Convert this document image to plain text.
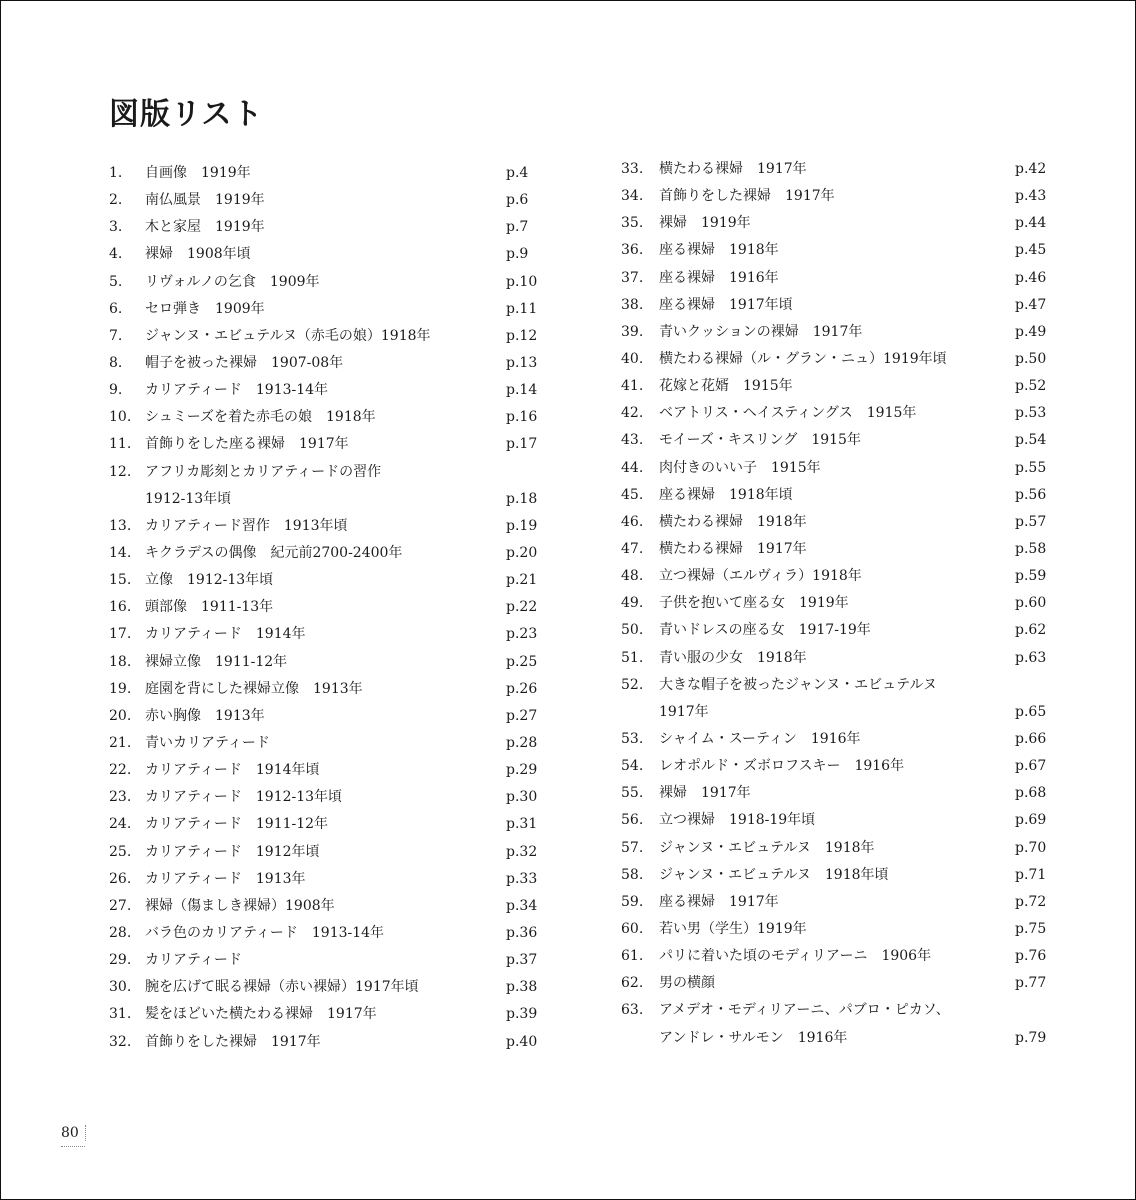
図版リスト
1. 自画像　1919年	p.4
2. 南仏風景　1919年	p.6
3. 木と家屋　1919年	p.7
4. 裸婦　1908年頃	p.9
5. リヴォルノの乞食　1909年	p.10
6. セロ弾き　1909年	p.11
7. ジャンヌ・エビュテルヌ（赤毛の娘）1918年	p.12
8. 帽子を被った裸婦　1907-08年	p.13
9. カリアティード　1913-14年	p.14
10. シュミーズを着た赤毛の娘　1918年	p.16
11. 首飾りをした座る裸婦　1917年	p.17
12. アフリカ彫刻とカリアティードの習作
1912-13年頃	p.18
13. カリアティード習作　1913年頃	p.19
14. キクラデスの偶像　紀元前2700-2400年	p.20
15. 立像　1912-13年頃	p.21
16. 頭部像　1911-13年	p.22
17. カリアティード　1914年	p.23
18. 裸婦立像　1911-12年	p.25
19. 庭園を背にした裸婦立像　1913年	p.26
20. 赤い胸像　1913年	p.27
21. 青いカリアティード	p.28
22. カリアティード　1914年頃	p.29
23. カリアティード　1912-13年頃	p.30
24. カリアティード　1911-12年	p.31
25. カリアティード　1912年頃	p.32
26. カリアティード　1913年	p.33
27. 裸婦（傷ましき裸婦）1908年	p.34
28. バラ色のカリアティード　1913-14年	p.36
29. カリアティード	p.37
30. 腕を広げて眠る裸婦（赤い裸婦）1917年頃	p.38
31. 髪をほどいた横たわる裸婦　1917年	p.39
32. 首飾りをした裸婦　1917年	p.40
33. 横たわる裸婦　1917年	p.42
34. 首飾りをした裸婦　1917年	p.43
35. 裸婦　1919年	p.44
36. 座る裸婦　1918年	p.45
37. 座る裸婦　1916年	p.46
38. 座る裸婦　1917年頃	p.47
39. 青いクッションの裸婦　1917年	p.49
40. 横たわる裸婦（ル・グラン・ニュ）1919年頃	p.50
41. 花嫁と花婿　1915年	p.52
42. ベアトリス・ヘイスティングス　1915年	p.53
43. モイーズ・キスリング　1915年	p.54
44. 肉付きのいい子　1915年	p.55
45. 座る裸婦　1918年頃	p.56
46. 横たわる裸婦　1918年	p.57
47. 横たわる裸婦　1917年	p.58
48. 立つ裸婦（エルヴィラ）1918年	p.59
49. 子供を抱いて座る女　1919年	p.60
50. 青いドレスの座る女　1917-19年	p.62
51. 青い服の少女　1918年	p.63
52. 大きな帽子を被ったジャンヌ・エビュテルヌ
1917年	p.65
53. シャイム・スーティン　1916年	p.66
54. レオポルド・ズボロフスキー　1916年	p.67
55. 裸婦　1917年	p.68
56. 立つ裸婦　1918-19年頃	p.69
57. ジャンヌ・エビュテルヌ　1918年	p.70
58. ジャンヌ・エビュテルヌ　1918年頃	p.71
59. 座る裸婦　1917年	p.72
60. 若い男（学生）1919年	p.75
61. パリに着いた頃のモディリアーニ　1906年	p.76
62. 男の横顔	p.77
63. アメデオ・モディリアーニ、パブロ・ピカソ、
アンドレ・サルモン　1916年	p.79
80
